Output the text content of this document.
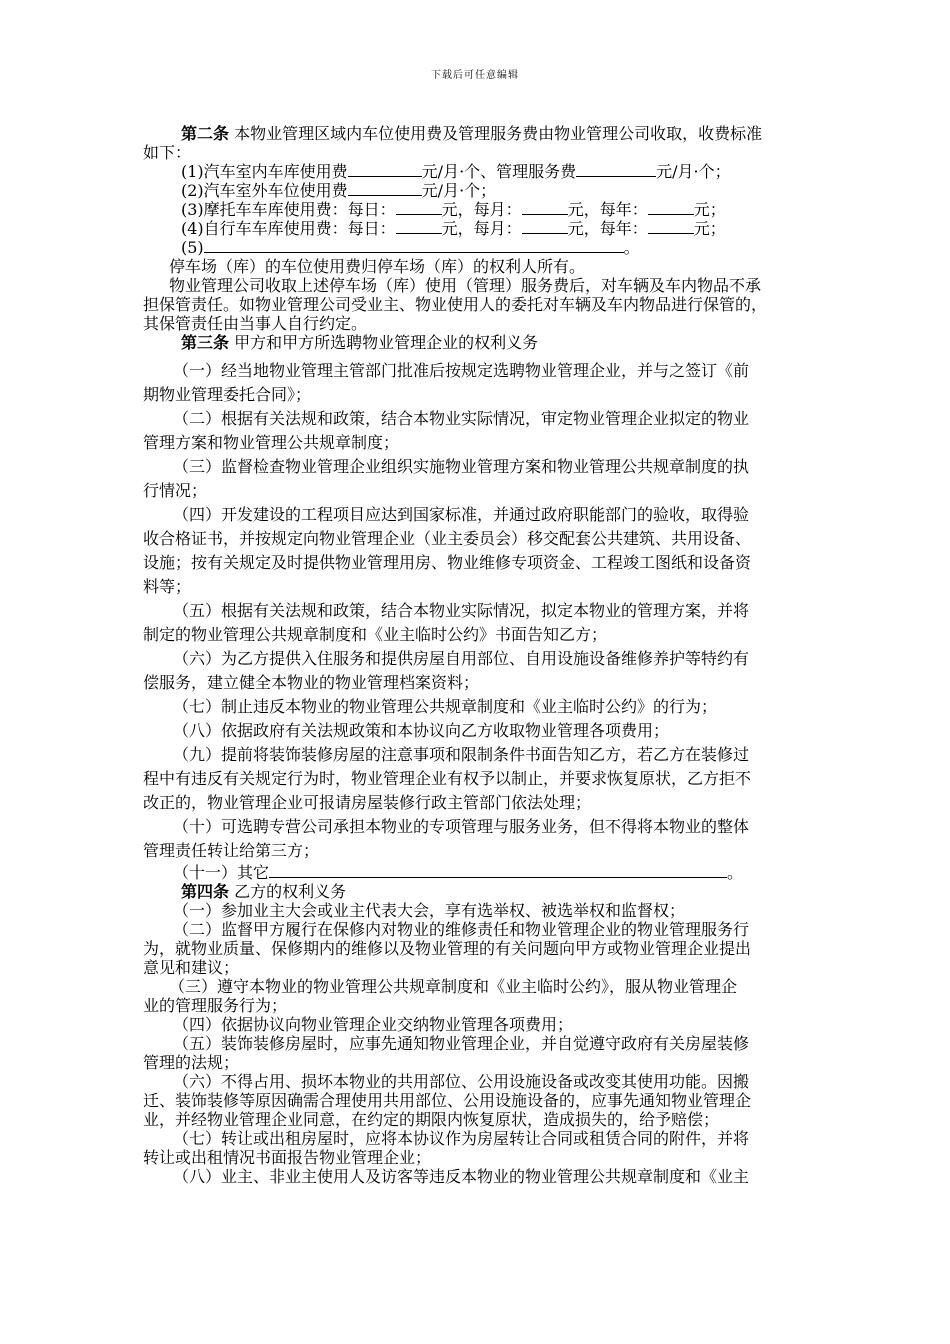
下载后可任意编辑
第二条 本物业管理区域内车位使用费及管理服务费由物业管理公司收取，收费标准
如下：
(1)汽车室内车库使用费	元/月·个、管理服务费	元/月·个；
(2)汽车室外车位使用费	元/月·个；
(3)摩托车车库使用费：每日：	元，每月：	元，每年：	元；
(4)自行车车库使用费：每日：	元，每月：	元，每年：	元；
(5)	。
停车场（库）的车位使用费归停车场（库）的权利人所有。
物业管理公司收取上述停车场（库）使用（管理）服务费后，对车辆及车内物品不承
担保管责任。如物业管理公司受业主、物业使用人的委托对车辆及车内物品进行保管的，
其保管责任由当事人自行约定。
第三条 甲方和甲方所选聘物业管理企业的权利义务
（一）经当地物业管理主管部门批准后按规定选聘物业管理企业，并与之签订《前
期物业管理委托合同》；
（二）根据有关法规和政策，结合本物业实际情况，审定物业管理企业拟定的物业
管理方案和物业管理公共规章制度；
（三）监督检查物业管理企业组织实施物业管理方案和物业管理公共规章制度的执
行情况；
（四）开发建设的工程项目应达到国家标准，并通过政府职能部门的验收，取得验
收合格证书，并按规定向物业管理企业（业主委员会）移交配套公共建筑、共用设备、
设施；按有关规定及时提供物业管理用房、物业维修专项资金、工程竣工图纸和设备资
料等；
（五）根据有关法规和政策，结合本物业实际情况，拟定本物业的管理方案，并将
制定的物业管理公共规章制度和《业主临时公约》书面告知乙方；
（六）为乙方提供入住服务和提供房屋自用部位、自用设施设备维修养护等特约有
偿服务，建立健全本物业的物业管理档案资料；
（七）制止违反本物业的物业管理公共规章制度和《业主临时公约》的行为；
（八）依据政府有关法规政策和本协议向乙方收取物业管理各项费用；
（九）提前将装饰装修房屋的注意事项和限制条件书面告知乙方，若乙方在装修过
程中有违反有关规定行为时，物业管理企业有权予以制止，并要求恢复原状，乙方拒不
改正的，物业管理企业可报请房屋装修行政主管部门依法处理；
（十）可选聘专营公司承担本物业的专项管理与服务业务，但不得将本物业的整体
管理责任转让给第三方；
（十一）其它	。
第四条 乙方的权利义务
（一）参加业主大会或业主代表大会，享有选举权、被选举权和监督权；
（二）监督甲方履行在保修内对物业的维修责任和物业管理企业的物业管理服务行
为，就物业质量、保修期内的维修以及物业管理的有关问题向甲方或物业管理企业提出
意见和建议；
（三）遵守本物业的物业管理公共规章制度和《业主临时公约》，服从物业管理企
业的管理服务行为；
（四）依据协议向物业管理企业交纳物业管理各项费用；
（五）装饰装修房屋时，应事先通知物业管理企业，并自觉遵守政府有关房屋装修
管理的法规；
（六）不得占用、损坏本物业的共用部位、公用设施设备或改变其使用功能。因搬
迁、装饰装修等原因确需合理使用共用部位、公用设施设备的，应事先通知物业管理企
业，并经物业管理企业同意，在约定的期限内恢复原状，造成损失的，给予赔偿；
（七）转让或出租房屋时，应将本协议作为房屋转让合同或租赁合同的附件，并将
转让或出租情况书面报告物业管理企业；
（八）业主、非业主使用人及访客等违反本物业的物业管理公共规章制度和《业主
